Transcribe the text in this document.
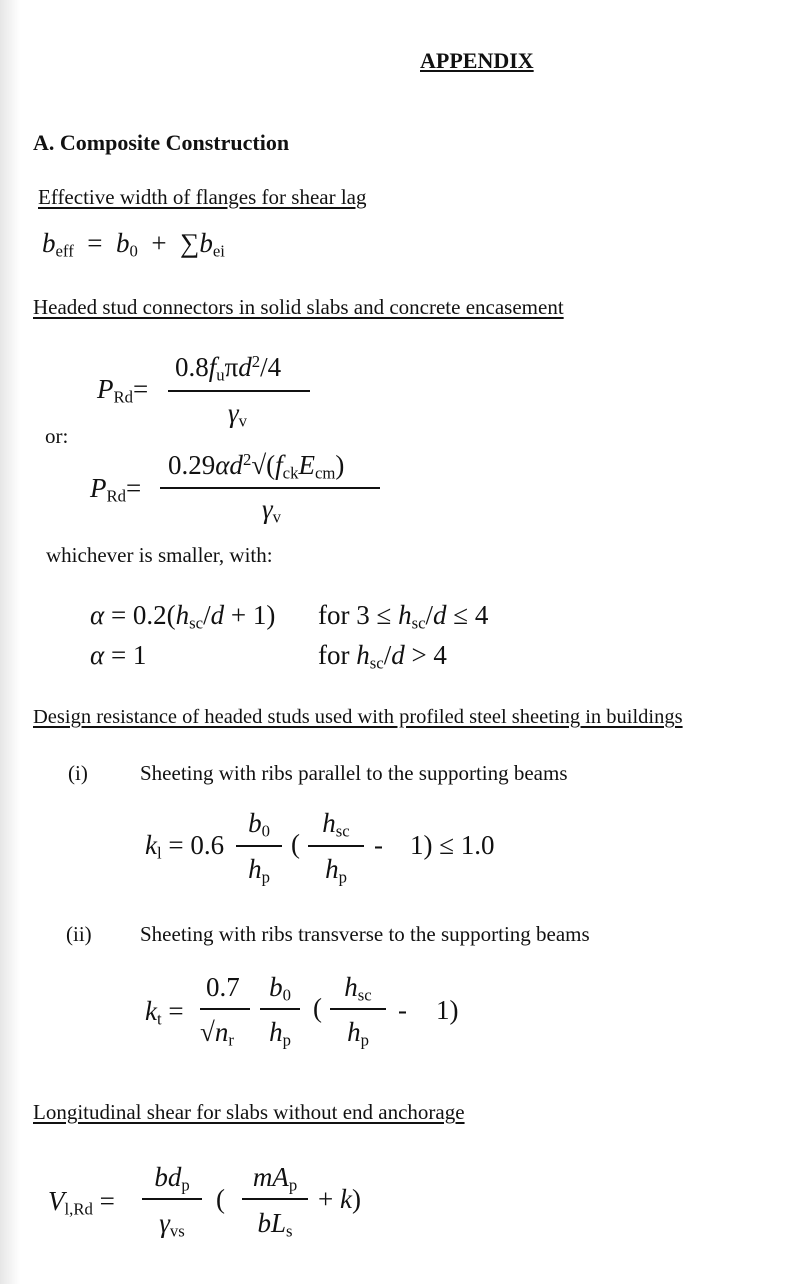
APPENDIX
A. Composite Construction
Effective width of flanges for shear lag
$b_{eff} = b_0 + \sum b_{ei}$
Headed stud connectors in solid slabs and concrete encasement
$P_{Rd}=$
$0.8f_u\pi d^2/4$
$\gamma_v$
or:
$P_{Rd}=$
$0.29\alpha d^2√(f_{ck}E_{cm})$
$\gamma_v$
whichever is smaller, with:
$\alpha = 0.2(h_{sc}/d + 1)$ for $3 \le h_{sc}/d \le 4$
α = 1	for $h_{sc}/d > 4$
Design resistance of headed studs used with profiled steel sheeting in buildings
(i) Sheeting with ribs parallel to the supporting beams
$k_l = 0.6$
$b_0$
$h_p$
(
$h_{sc}$
$h_p$
- 1) ≤ 1.0
(ii) Sheeting with ribs transverse to the supporting beams
$k_t$ =
0.7
$√n_r$
$b_0$
$h_p$
(
$h_{sc}$
$h_p$
- 1)
Longitudinal shear for slabs without end anchorage
$V_{l,Rd}$ =
$bd_p$
$\gamma_{vs}$
(
$mA_p$
$bL_s$
+ k)
